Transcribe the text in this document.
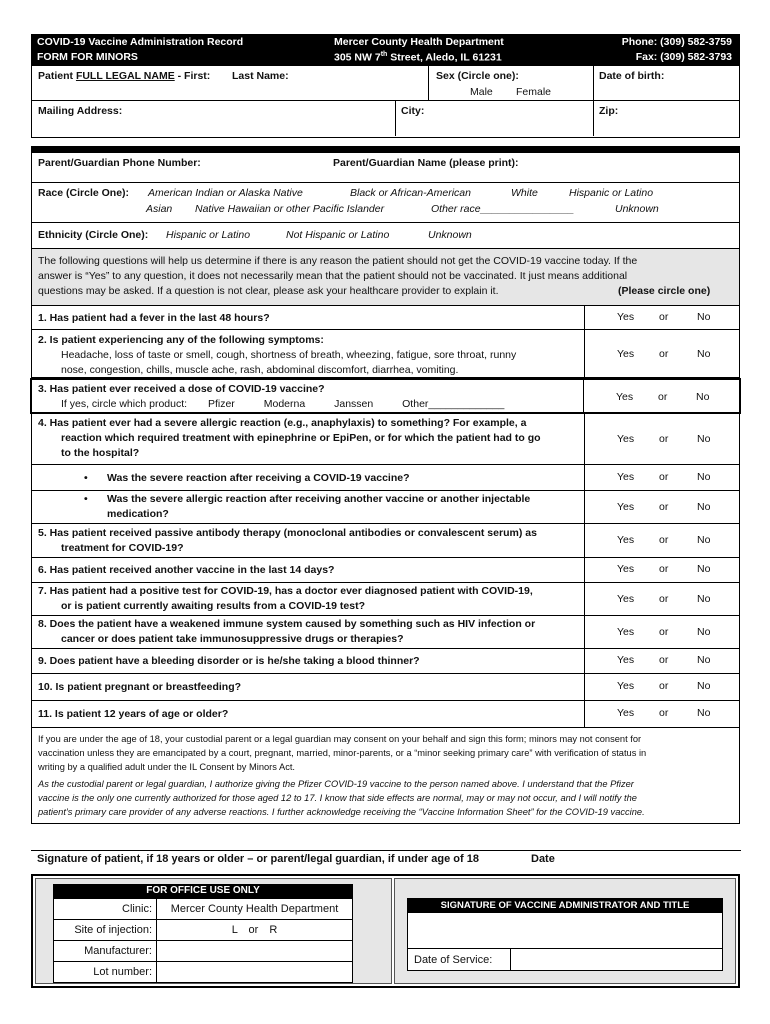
COVID-19 Vaccine Administration Record
FORM FOR MINORS
Mercer County Health Department
305 NW 7th Street, Aledo, IL 61231
Phone: (309) 582-3759
Fax: (309) 582-3793
Patient FULL LEGAL NAME - First: Last Name:	Sex (Circle one):
Male Female
Date of birth:
Mailing Address:	City:	Zip:
Parent/Guardian Phone Number:	Parent/Guardian Name (please print):
Race (Circle One): American Indian or Alaska Native	Black or African-American	White	Hispanic or Latino
Asian Native Hawaiian or other Pacific Islander	Other race________________	Unknown
Ethnicity (Circle One): Hispanic or Latino	Not Hispanic or Latino	Unknown
The following questions will help us determine if there is any reason the patient should not get the COVID-19 vaccine today. If the
answer is “Yes” to any question, it does not necessarily mean that the patient should not be vaccinated. It just means additional
questions may be asked. If a question is not clear, please ask your healthcare provider to explain it.	(Please circle one)
1. Has patient had a fever in the last 48 hours?	Yes or	No
2. Is patient experiencing any of the following symptoms:
Headache, loss of taste or smell, cough, shortness of breath, wheezing, fatigue, sore throat, runny
nose, congestion, chills, muscle ache, rash, abdominal discomfort, diarrhea, vomiting.
Yes or	No
3. Has patient ever received a dose of COVID-19 vaccine?
If yes, circle which product: Pfizer	Moderna	Janssen	Other_____________
Yes or	No
4. Has patient ever had a severe allergic reaction (e.g., anaphylaxis) to something? For example, a
reaction which required treatment with epinephrine or EpiPen, or for which the patient had to go
to the hospital?
Yes or	No
• Was the severe reaction after receiving a COVID-19 vaccine?	Yes or	No
• Was the severe allergic reaction after receiving another vaccine or another injectable
medication?
Yes or	No
5. Has patient received passive antibody therapy (monoclonal antibodies or convalescent serum) as
treatment for COVID-19?
Yes or	No
6. Has patient received another vaccine in the last 14 days?	Yes or	No
7. Has patient had a positive test for COVID-19, has a doctor ever diagnosed patient with COVID-19,
or is patient currently awaiting results from a COVID-19 test?
Yes or	No
8. Does the patient have a weakened immune system caused by something such as HIV infection or
cancer or does patient take immunosuppressive drugs or therapies?
Yes or	No
9. Does patient have a bleeding disorder or is he/she taking a blood thinner?	Yes or	No
10. Is patient pregnant or breastfeeding?	Yes or	No
11. Is patient 12 years of age or older?	Yes or	No
If you are under the age of 18, your custodial parent or a legal guardian may consent on your behalf and sign this form; minors may not consent for
vaccination unless they are emancipated by a court, pregnant, married, minor-parents, or a “minor seeking primary care” with verification of status in
writing by a qualified adult under the IL Consent by Minors Act.
As the custodial parent or legal guardian, I authorize giving the Pfizer COVID-19 vaccine to the person named above. I understand that the Pfizer
vaccine is the only one currently authorized for those aged 12 to 17. I know that side effects are normal, may or may not occur, and I will notify the
patient’s primary care provider of any adverse reactions. I further acknowledge receiving the “Vaccine Information Sheet” for the COVID-19 vaccine.
Signature of patient, if 18 years or older – or parent/legal guardian, if under age of 18	Date
FOR OFFICE USE ONLY
Clinic:	Mercer County Health Department
Site of injection:	L or R
Manufacturer:	
Lot number:	
SIGNATURE OF VACCINE ADMINISTRATOR AND TITLE
Date of Service:
